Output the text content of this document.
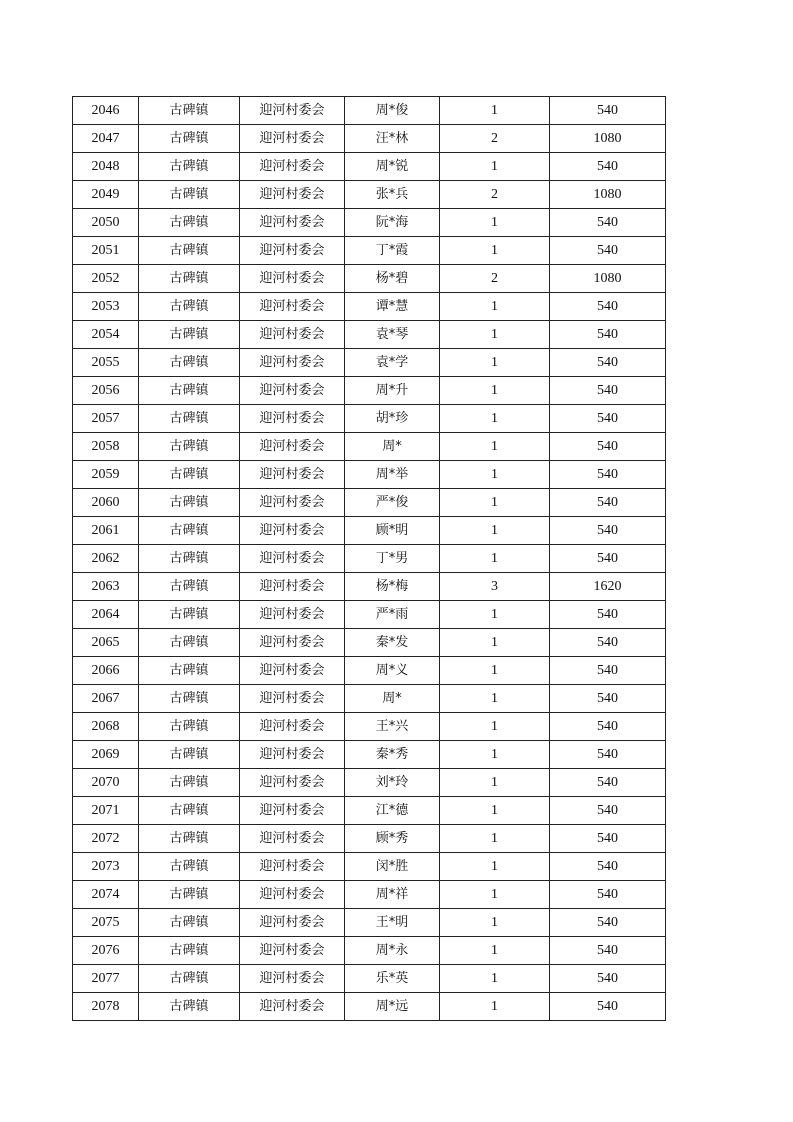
2046	古碑镇	迎河村委会	周*俊	1	540
2047	古碑镇	迎河村委会	汪*林	2	1080
2048	古碑镇	迎河村委会	周*锐	1	540
2049	古碑镇	迎河村委会	张*兵	2	1080
2050	古碑镇	迎河村委会	阮*海	1	540
2051	古碑镇	迎河村委会	丁*霞	1	540
2052	古碑镇	迎河村委会	杨*碧	2	1080
2053	古碑镇	迎河村委会	谭*慧	1	540
2054	古碑镇	迎河村委会	袁*琴	1	540
2055	古碑镇	迎河村委会	袁*学	1	540
2056	古碑镇	迎河村委会	周*升	1	540
2057	古碑镇	迎河村委会	胡*珍	1	540
2058	古碑镇	迎河村委会	周*	1	540
2059	古碑镇	迎河村委会	周*举	1	540
2060	古碑镇	迎河村委会	严*俊	1	540
2061	古碑镇	迎河村委会	顾*明	1	540
2062	古碑镇	迎河村委会	丁*男	1	540
2063	古碑镇	迎河村委会	杨*梅	3	1620
2064	古碑镇	迎河村委会	严*雨	1	540
2065	古碑镇	迎河村委会	秦*发	1	540
2066	古碑镇	迎河村委会	周*义	1	540
2067	古碑镇	迎河村委会	周*	1	540
2068	古碑镇	迎河村委会	王*兴	1	540
2069	古碑镇	迎河村委会	秦*秀	1	540
2070	古碑镇	迎河村委会	刘*玲	1	540
2071	古碑镇	迎河村委会	江*德	1	540
2072	古碑镇	迎河村委会	顾*秀	1	540
2073	古碑镇	迎河村委会	闵*胜	1	540
2074	古碑镇	迎河村委会	周*祥	1	540
2075	古碑镇	迎河村委会	王*明	1	540
2076	古碑镇	迎河村委会	周*永	1	540
2077	古碑镇	迎河村委会	乐*英	1	540
2078	古碑镇	迎河村委会	周*远	1	540
